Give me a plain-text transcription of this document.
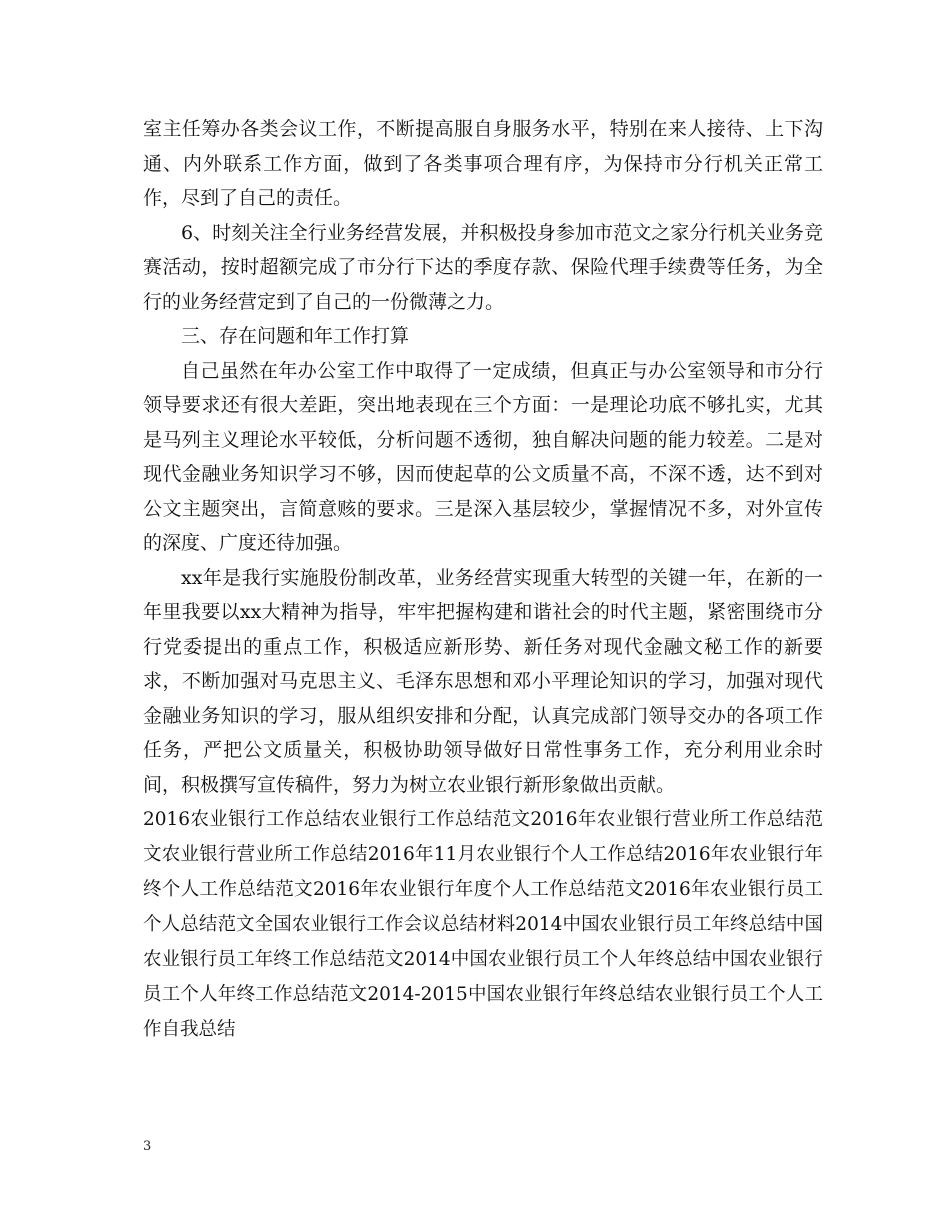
室主任筹办各类会议工作，不断提高服自身服务水平，特别在来人接待、上下沟通、内外联系工作方面，做到了各类事项合理有序，为保持市分行机关正常工作，尽到了自己的责任。

6、时刻关注全行业务经营发展，并积极投身参加市范文之家分行机关业务竞赛活动，按时超额完成了市分行下达的季度存款、保险代理手续费等任务，为全行的业务经营定到了自己的一份微薄之力。

三、存在问题和年工作打算

自己虽然在年办公室工作中取得了一定成绩，但真正与办公室领导和市分行领导要求还有很大差距，突出地表现在三个方面：一是理论功底不够扎实，尤其是马列主义理论水平较低，分析问题不透彻，独自解决问题的能力较差。二是对现代金融业务知识学习不够，因而使起草的公文质量不高，不深不透，达不到对公文主题突出，言简意赅的要求。三是深入基层较少，掌握情况不多，对外宣传的深度、广度还待加强。

xx年是我行实施股份制改革，业务经营实现重大转型的关键一年，在新的一年里我要以xx大精神为指导，牢牢把握构建和谐社会的时代主题，紧密围绕市分行党委提出的重点工作，积极适应新形势、新任务对现代金融文秘工作的新要求，不断加强对马克思主义、毛泽东思想和邓小平理论知识的学习，加强对现代金融业务知识的学习，服从组织安排和分配，认真完成部门领导交办的各项工作任务，严把公文质量关，积极协助领导做好日常性事务工作，充分利用业余时间，积极撰写宣传稿件，努力为树立农业银行新形象做出贡献。

2016农业银行工作总结农业银行工作总结范文2016年农业银行营业所工作总结范文农业银行营业所工作总结2016年11月农业银行个人工作总结2016年农业银行年终个人工作总结范文2016年农业银行年度个人工作总结范文2016年农业银行员工个人总结范文全国农业银行工作会议总结材料2014中国农业银行员工年终总结中国农业银行员工年终工作总结范文2014中国农业银行员工个人年终总结中国农业银行员工个人年终工作总结范文2014-2015中国农业银行年终总结农业银行员工个人工作自我总结

3
